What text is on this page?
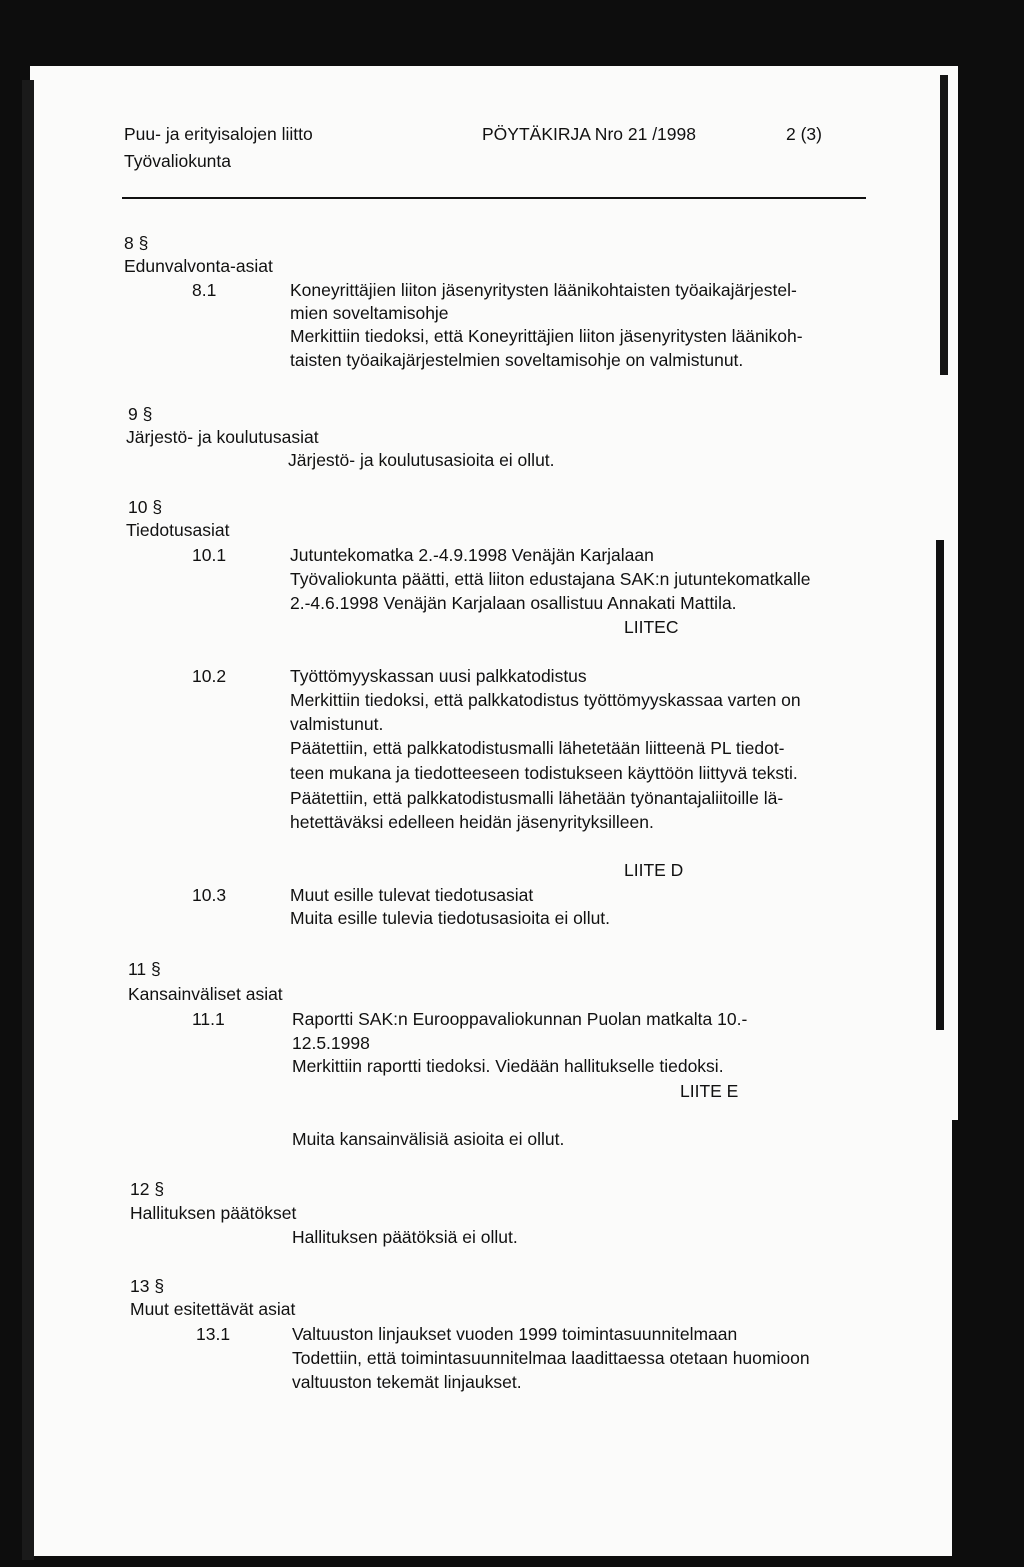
Puu- ja erityisalojen liitto

Työvaliokunta

PÖYTÄKIRJA Nro 21 /1998	2 (3)

8 §

Edunvalvonta-asiat

8.1	Koneyrittäjien liiton jäsenyritysten läänikohtaisten työaikajärjestel-

mien soveltamisohje

Merkittiin tiedoksi, että Koneyrittäjien liiton jäsenyritysten läänikoh-

taisten työaikajärjestelmien soveltamisohje on valmistunut.

9 §

Järjestö- ja koulutusasiat

Järjestö- ja koulutusasioita ei ollut.

10 §

Tiedotusasiat

10.1	Jutuntekomatka 2.-4.9.1998 Venäjän Karjalaan

Työvaliokunta päätti, että liiton edustajana SAK:n jutuntekomatkalle

2.-4.6.1998 Venäjän Karjalaan osallistuu Annakati Mattila.

LIITEC

10.2	Työttömyyskassan uusi palkkatodistus

Merkittiin tiedoksi, että palkkatodistus työttömyyskassaa varten on

valmistunut.

Päätettiin, että palkkatodistusmalli lähetetään liitteenä PL tiedot-

teen mukana ja tiedotteeseen todistukseen käyttöön liittyvä teksti.

Päätettiin, että palkkatodistusmalli lähetään työnantajaliitoille lä-

hetettäväksi edelleen heidän jäsenyrityksilleen.

LIITE D

10.3	Muut esille tulevat tiedotusasiat

Muita esille tulevia tiedotusasioita ei ollut.

11 §

Kansainväliset asiat

11.1	Raportti SAK:n Eurooppavaliokunnan Puolan matkalta 10.-

12.5.1998

Merkittiin raportti tiedoksi. Viedään hallitukselle tiedoksi.

LIITE E

Muita kansainvälisiä asioita ei ollut.

12 §

Hallituksen päätökset

Hallituksen päätöksiä ei ollut.

13 §

Muut esitettävät asiat

13.1	Valtuuston linjaukset vuoden 1999 toimintasuunnitelmaan

Todettiin, että toimintasuunnitelmaa laadittaessa otetaan huomioon

valtuuston tekemät linjaukset.
